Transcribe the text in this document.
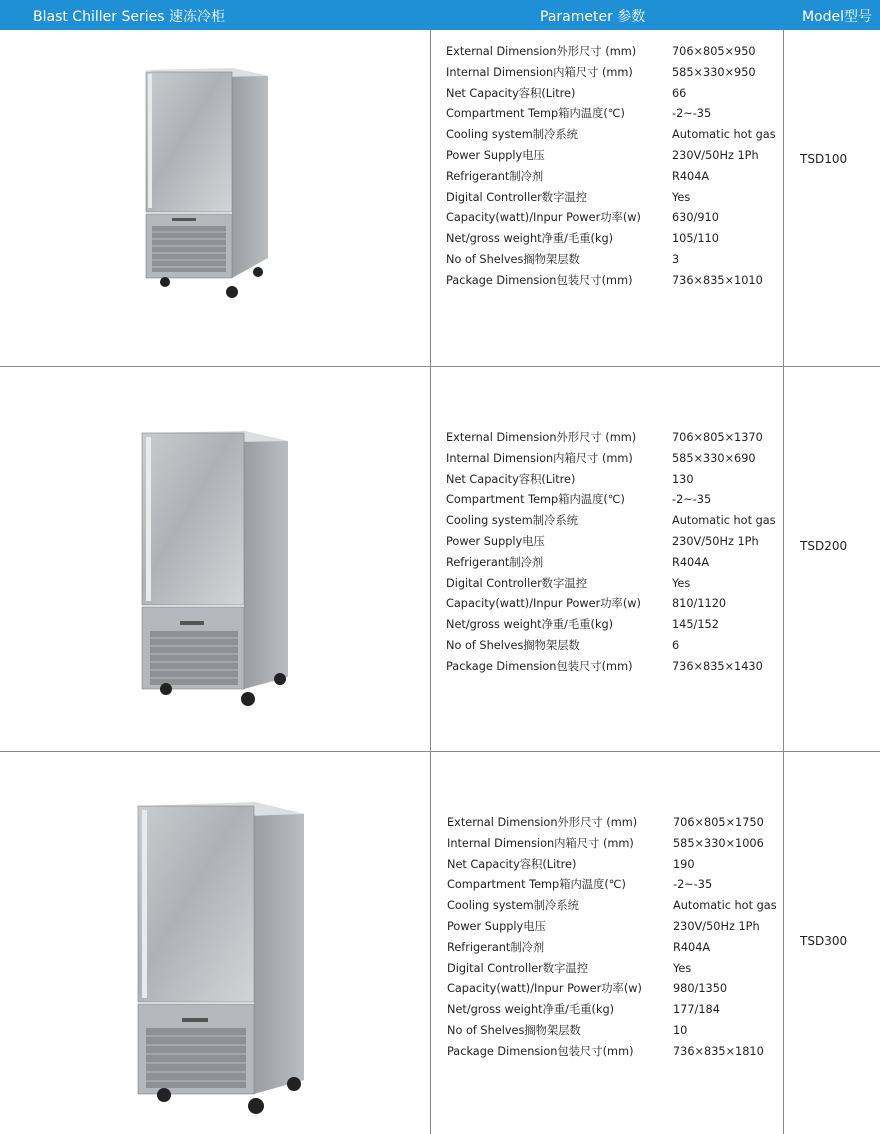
Blast Chiller Series 速冻冷柜	Parameter 参数	Model型号
External Dimension外形尺寸 (mm)	706×805×950
Internal Dimension内箱尺寸 (mm)	585×330×950
Net Capacity容积(Litre)	66
Compartment Temp箱内温度(℃)	-2~-35
Cooling system制冷系统	Automatic hot gas
Power Supply电压	230V/50Hz 1Ph
Refrigerant制冷剂	R404A
Digital Controller数字温控	Yes
Capacity(watt)/Inpur Power功率(w)	630/910
Net/gross weight净重/毛重(kg)	105/110
No of Shelves搁物架层数	3
Package Dimension包装尺寸(mm)	736×835×1010
TSD100
External Dimension外形尺寸 (mm)	706×805×1370
Internal Dimension内箱尺寸 (mm)	585×330×690
Net Capacity容积(Litre)	130
Compartment Temp箱内温度(℃)	-2~-35
Cooling system制冷系统	Automatic hot gas
Power Supply电压	230V/50Hz 1Ph
Refrigerant制冷剂	R404A
Digital Controller数字温控	Yes
Capacity(watt)/Inpur Power功率(w)	810/1120
Net/gross weight净重/毛重(kg)	145/152
No of Shelves搁物架层数	6
Package Dimension包装尺寸(mm)	736×835×1430
TSD200
External Dimension外形尺寸 (mm)	706×805×1750
Internal Dimension内箱尺寸 (mm)	585×330×1006
Net Capacity容积(Litre)	190
Compartment Temp箱内温度(℃)	-2~-35
Cooling system制冷系统	Automatic hot gas
Power Supply电压	230V/50Hz 1Ph
Refrigerant制冷剂	R404A
Digital Controller数字温控	Yes
Capacity(watt)/Inpur Power功率(w)	980/1350
Net/gross weight净重/毛重(kg)	177/184
No of Shelves搁物架层数	10
Package Dimension包装尺寸(mm)	736×835×1810
TSD300
